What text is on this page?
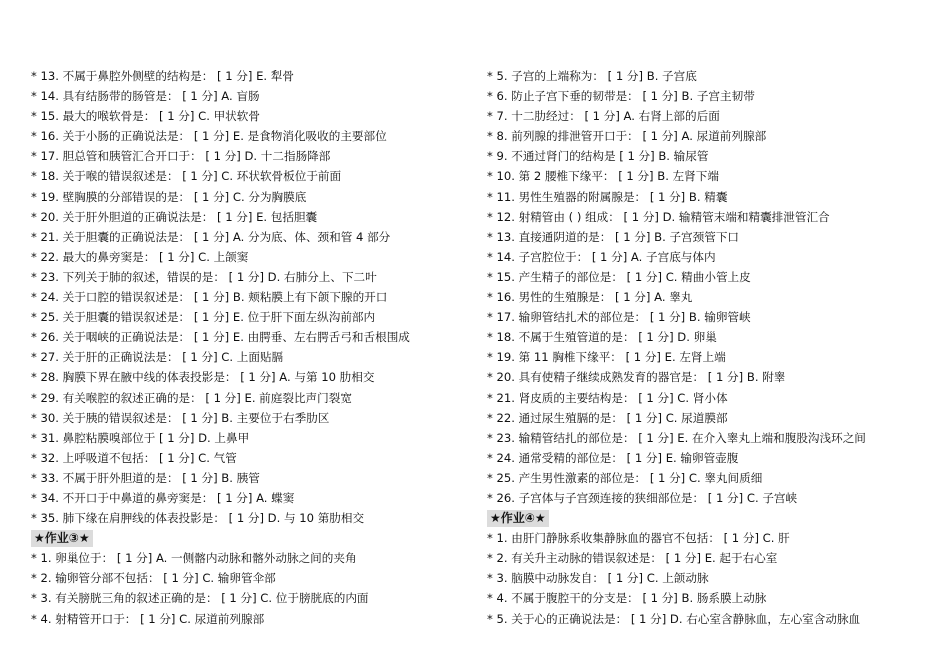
* 13. 不属于鼻腔外侧壁的结构是： [ 1 分] E. 犁骨
* 14. 具有结肠带的肠管是： [ 1 分] A. 盲肠
* 15. 最大的喉软骨是： [ 1 分] C. 甲状软骨
* 16. 关于小肠的正确说法是： [ 1 分] E. 是食物消化吸收的主要部位
* 17. 胆总管和胰管汇合开口于： [ 1 分] D. 十二指肠降部
* 18. 关于喉的错误叙述是： [ 1 分] C. 环状软骨板位于前面
* 19. 壁胸膜的分部错误的是： [ 1 分] C. 分为胸膜底
* 20. 关于肝外胆道的正确说法是： [ 1 分] E. 包括胆囊
* 21. 关于胆囊的正确说法是： [ 1 分] A. 分为底、体、颈和管 4 部分
* 22. 最大的鼻旁窦是： [ 1 分] C. 上颌窦
* 23. 下列关于肺的叙述，错误的是： [ 1 分] D. 右肺分上、下二叶
* 24. 关于口腔的错误叙述是： [ 1 分] B. 颊粘膜上有下颌下腺的开口
* 25. 关于胆囊的错误叙述是： [ 1 分] E. 位于肝下面左纵沟前部内
* 26. 关于咽峡的正确说法是： [ 1 分] E. 由腭垂、左右腭舌弓和舌根围成
* 27. 关于肝的正确说法是： [ 1 分] C. 上面贴膈
* 28. 胸膜下界在腋中线的体表投影是： [ 1 分] A. 与第 10 肋相交
* 29. 有关喉腔的叙述正确的是： [ 1 分] E. 前庭裂比声门裂宽
* 30. 关于胰的错误叙述是： [ 1 分] B. 主要位于右季肋区
* 31. 鼻腔粘膜嗅部位于 [ 1 分] D. 上鼻甲
* 32. 上呼吸道不包括： [ 1 分] C. 气管
* 33. 不属于肝外胆道的是： [ 1 分] B. 胰管
* 34. 不开口于中鼻道的鼻旁窦是： [ 1 分] A. 蝶窦
* 35. 肺下缘在肩胛线的体表投影是： [ 1 分] D. 与 10 第肋相交
★作业③★
* 1. 卵巢位于： [ 1 分] A. 一侧髂内动脉和髂外动脉之间的夹角
* 2. 输卵管分部不包括： [ 1 分] C. 输卵管伞部
* 3. 有关膀胱三角的叙述正确的是： [ 1 分] C. 位于膀胱底的内面
* 4. 射精管开口于： [ 1 分] C. 尿道前列腺部
* 5. 子宫的上端称为： [ 1 分] B. 子宫底
* 6. 防止子宫下垂的韧带是： [ 1 分] B. 子宫主韧带
* 7. 十二肋经过： [ 1 分] A. 右肾上部的后面
* 8. 前列腺的排泄管开口于： [ 1 分] A. 尿道前列腺部
* 9. 不通过肾门的结构是 [ 1 分] B. 输尿管
* 10. 第 2 腰椎下缘平： [ 1 分] B. 左肾下端
* 11. 男性生殖器的附属腺是： [ 1 分] B. 精囊
* 12. 射精管由 ( ) 组成： [ 1 分] D. 输精管末端和精囊排泄管汇合
* 13. 直接通阴道的是： [ 1 分] B. 子宫颈管下口
* 14. 子宫腔位于： [ 1 分] A. 子宫底与体内
* 15. 产生精子的部位是： [ 1 分] C. 精曲小管上皮
* 16. 男性的生殖腺是： [ 1 分] A. 睾丸
* 17. 输卵管结扎术的部位是： [ 1 分] B. 输卵管峡
* 18. 不属于生殖管道的是： [ 1 分] D. 卵巢
* 19. 第 11 胸椎下缘平： [ 1 分] E. 左肾上端
* 20. 具有使精子继续成熟发育的器官是： [ 1 分] B. 附睾
* 21. 肾皮质的主要结构是： [ 1 分] C. 肾小体
* 22. 通过尿生殖膈的是： [ 1 分] C. 尿道膜部
* 23. 输精管结扎的部位是： [ 1 分] E. 在介入睾丸上端和腹股沟浅环之间
* 24. 通常受精的部位是： [ 1 分] E. 输卵管壶腹
* 25. 产生男性激素的部位是： [ 1 分] C. 睾丸间质细
* 26. 子宫体与子宫颈连接的狭细部位是： [ 1 分] C. 子宫峡
★作业④★
* 1. 由肝门静脉系收集静脉血的器官不包括： [ 1 分] C. 肝
* 2. 有关升主动脉的错误叙述是： [ 1 分] E. 起于右心室
* 3. 脑膜中动脉发自： [ 1 分] C. 上颌动脉
* 4. 不属于腹腔干的分支是： [ 1 分] B. 肠系膜上动脉
* 5. 关于心的正确说法是： [ 1 分] D. 右心室含静脉血，左心室含动脉血
